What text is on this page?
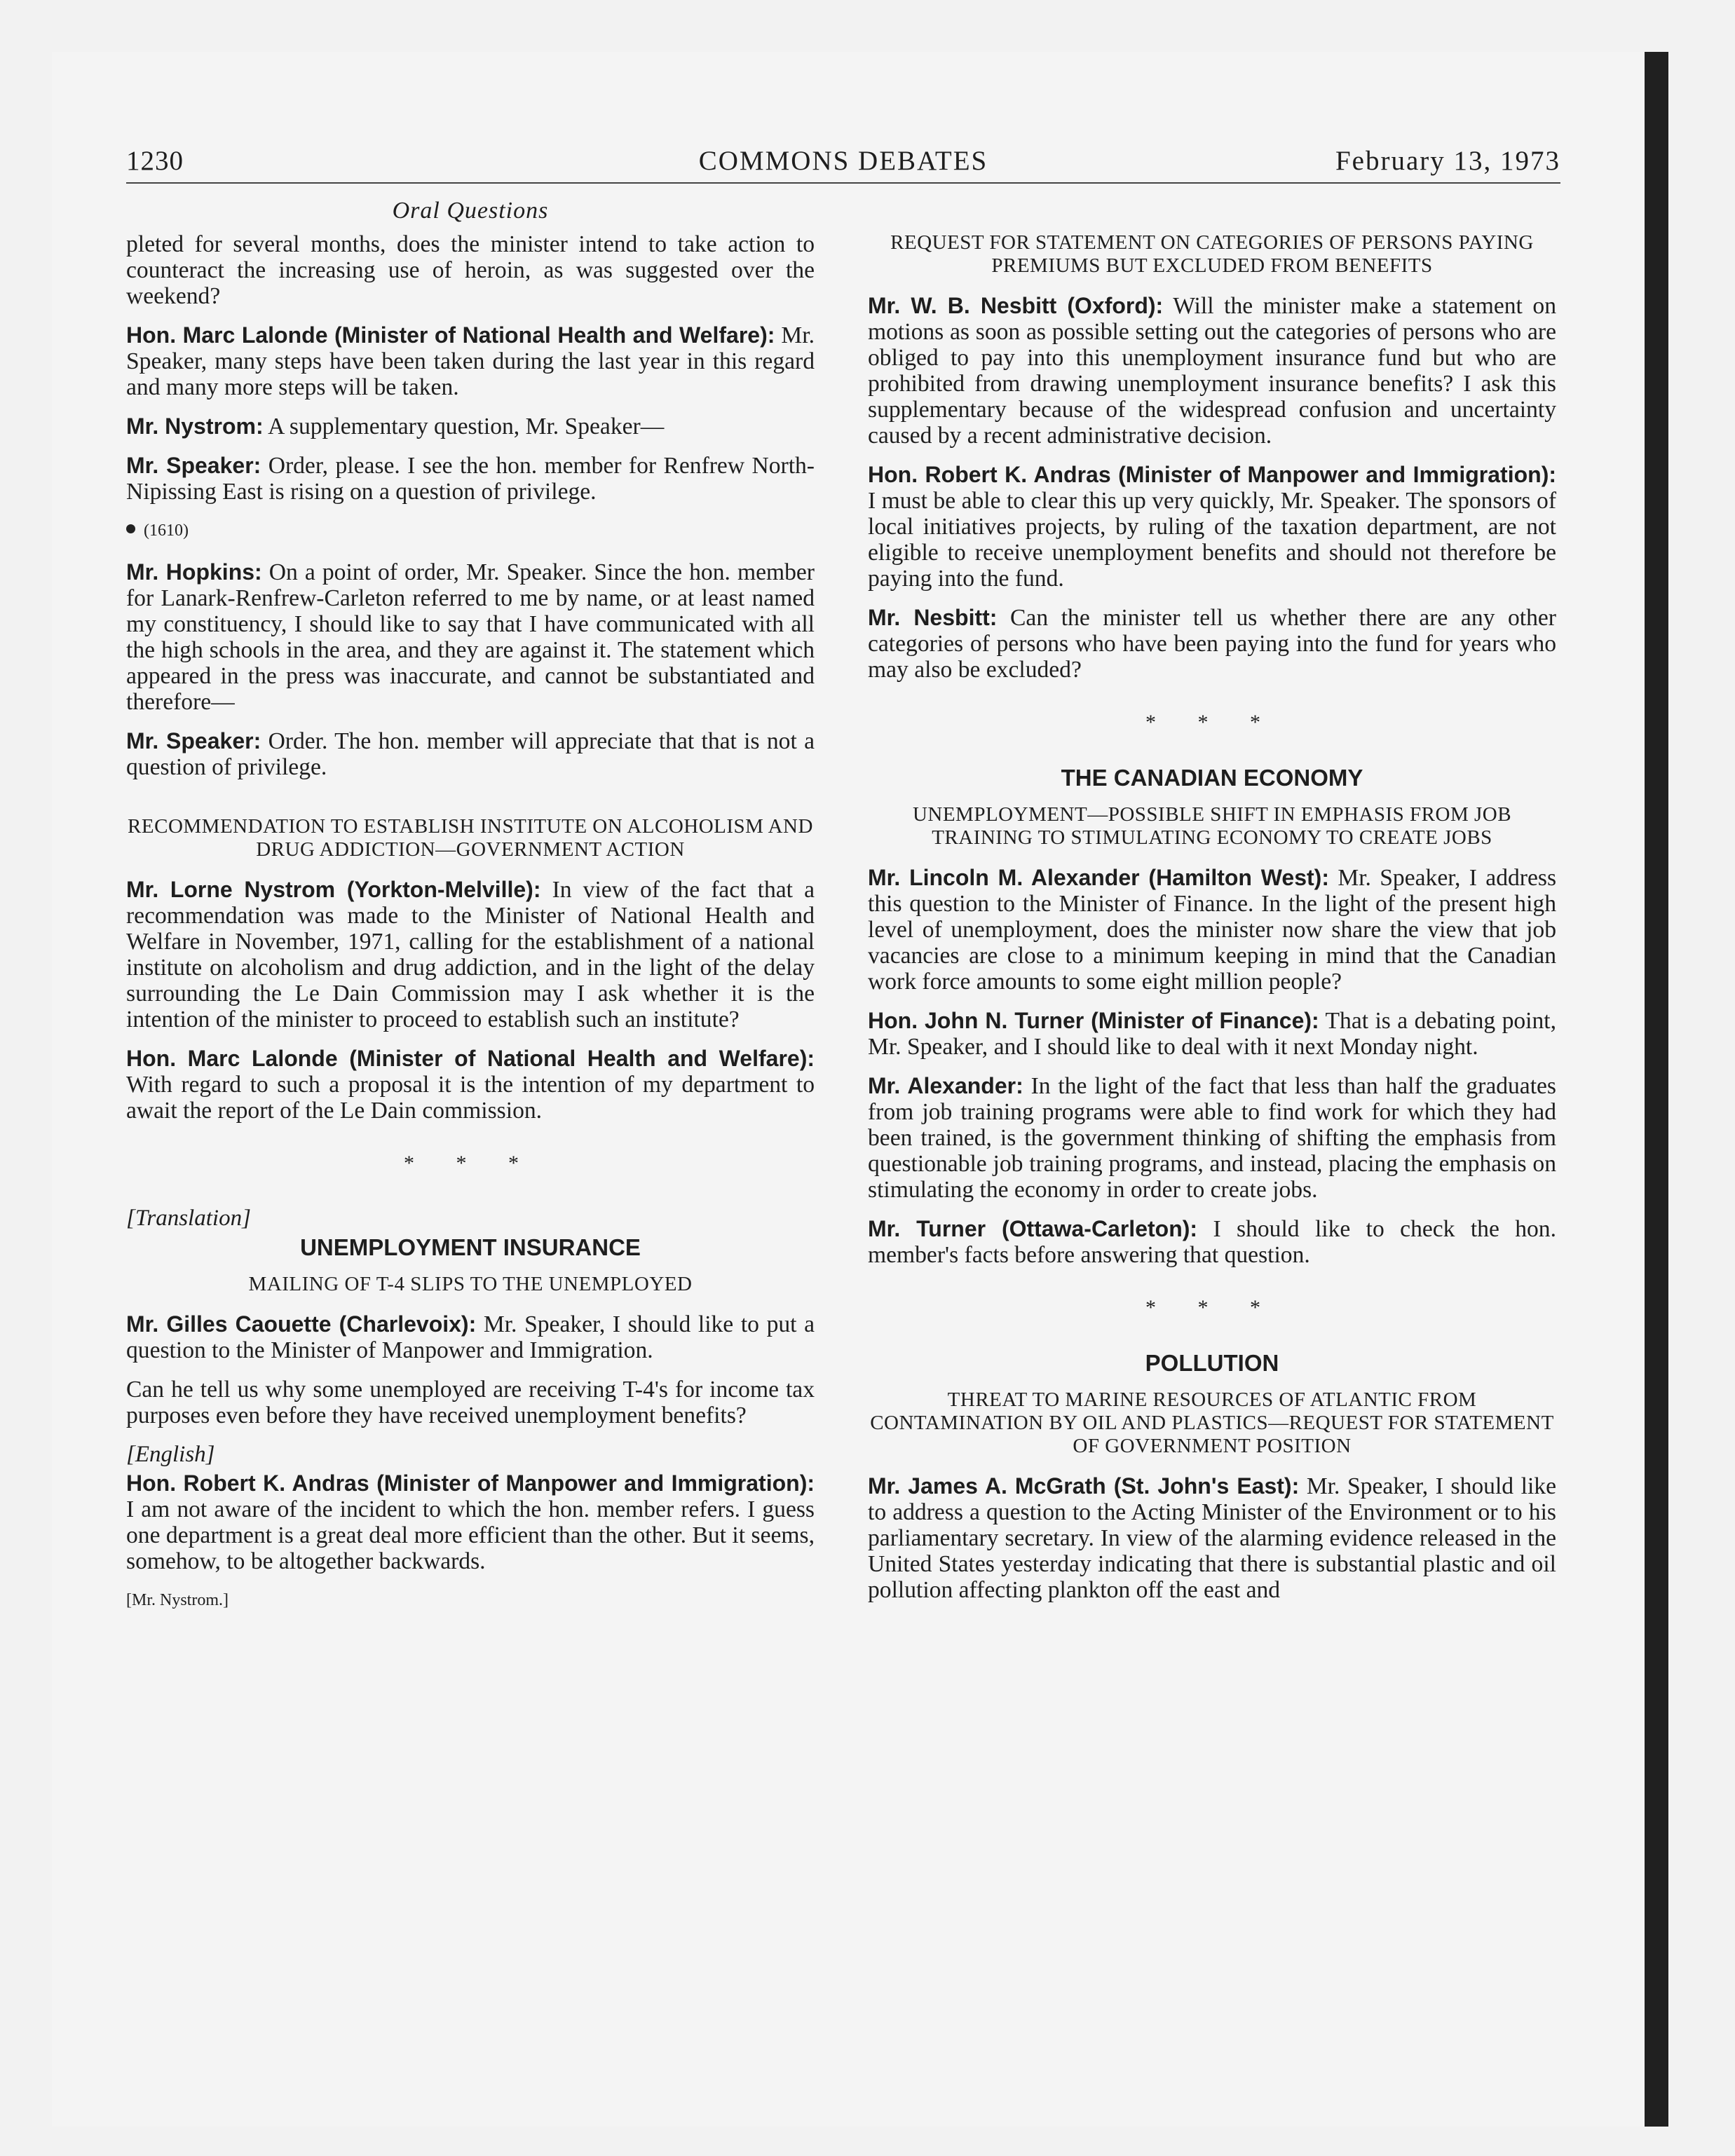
1230	COMMONS DEBATES	February 13, 1973
Oral Questions

pleted for several months, does the minister intend to take action to counteract the increasing use of heroin, as was suggested over the weekend?

Hon. Marc Lalonde (Minister of National Health and Welfare): Mr. Speaker, many steps have been taken during the last year in this regard and many more steps will be taken.

Mr. Nystrom: A supplementary question, Mr. Speaker—

Mr. Speaker: Order, please. I see the hon. member for Renfrew North-Nipissing East is rising on a question of privilege.

(1610)

Mr. Hopkins: On a point of order, Mr. Speaker. Since the hon. member for Lanark-Renfrew-Carleton referred to me by name, or at least named my constituency, I should like to say that I have communicated with all the high schools in the area, and they are against it. The statement which appeared in the press was inaccurate, and cannot be substantiated and therefore—

Mr. Speaker: Order. The hon. member will appreciate that that is not a question of privilege.

RECOMMENDATION TO ESTABLISH INSTITUTE ON ALCOHOLISM AND DRUG ADDICTION—GOVERNMENT ACTION

Mr. Lorne Nystrom (Yorkton-Melville): In view of the fact that a recommendation was made to the Minister of National Health and Welfare in November, 1971, calling for the establishment of a national institute on alcoholism and drug addiction, and in the light of the delay surrounding the Le Dain Commission may I ask whether it is the intention of the minister to proceed to establish such an institute?

Hon. Marc Lalonde (Minister of National Health and Welfare): With regard to such a proposal it is the intention of my department to await the report of the Le Dain commission.

* * *
[Translation]
UNEMPLOYMENT INSURANCE
MAILING OF T-4 SLIPS TO THE UNEMPLOYED

Mr. Gilles Caouette (Charlevoix): Mr. Speaker, I should like to put a question to the Minister of Manpower and Immigration.

Can he tell us why some unemployed are receiving T-4's for income tax purposes even before they have received unemployment benefits?

[English]

Hon. Robert K. Andras (Minister of Manpower and Immigration): I am not aware of the incident to which the hon. member refers. I guess one department is a great deal more efficient than the other. But it seems, somehow, to be altogether backwards.

[Mr. Nystrom.]
REQUEST FOR STATEMENT ON CATEGORIES OF PERSONS PAYING PREMIUMS BUT EXCLUDED FROM BENEFITS

Mr. W. B. Nesbitt (Oxford): Will the minister make a statement on motions as soon as possible setting out the categories of persons who are obliged to pay into this unemployment insurance fund but who are prohibited from drawing unemployment insurance benefits? I ask this supplementary because of the widespread confusion and uncertainty caused by a recent administrative decision.

Hon. Robert K. Andras (Minister of Manpower and Immigration): I must be able to clear this up very quickly, Mr. Speaker. The sponsors of local initiatives projects, by ruling of the taxation department, are not eligible to receive unemployment benefits and should not therefore be paying into the fund.

Mr. Nesbitt: Can the minister tell us whether there are any other categories of persons who have been paying into the fund for years who may also be excluded?

* * *
THE CANADIAN ECONOMY
UNEMPLOYMENT—POSSIBLE SHIFT IN EMPHASIS FROM JOB TRAINING TO STIMULATING ECONOMY TO CREATE JOBS

Mr. Lincoln M. Alexander (Hamilton West): Mr. Speaker, I address this question to the Minister of Finance. In the light of the present high level of unemployment, does the minister now share the view that job vacancies are close to a minimum keeping in mind that the Canadian work force amounts to some eight million people?

Hon. John N. Turner (Minister of Finance): That is a debating point, Mr. Speaker, and I should like to deal with it next Monday night.

Mr. Alexander: In the light of the fact that less than half the graduates from job training programs were able to find work for which they had been trained, is the government thinking of shifting the emphasis from questionable job training programs, and instead, placing the emphasis on stimulating the economy in order to create jobs.

Mr. Turner (Ottawa-Carleton): I should like to check the hon. member's facts before answering that question.

* * *
POLLUTION
THREAT TO MARINE RESOURCES OF ATLANTIC FROM CONTAMINATION BY OIL AND PLASTICS—REQUEST FOR STATEMENT OF GOVERNMENT POSITION

Mr. James A. McGrath (St. John's East): Mr. Speaker, I should like to address a question to the Acting Minister of the Environment or to his parliamentary secretary. In view of the alarming evidence released in the United States yesterday indicating that there is substantial plastic and oil pollution affecting plankton off the east and
